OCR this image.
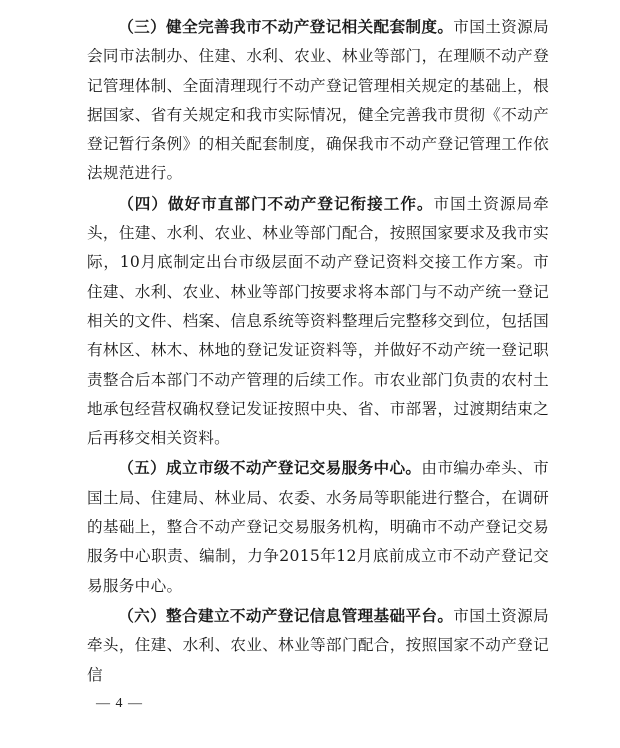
（三）健全完善我市不动产登记相关配套制度。市国土资源局会同市法制办、住建、水利、农业、林业等部门，在理顺不动产登记管理体制、全面清理现行不动产登记管理相关规定的基础上，根据国家、省有关规定和我市实际情况，健全完善我市贯彻《不动产登记暂行条例》的相关配套制度，确保我市不动产登记管理工作依法规范进行。

（四）做好市直部门不动产登记衔接工作。市国土资源局牵头，住建、水利、农业、林业等部门配合，按照国家要求及我市实际，10月底制定出台市级层面不动产登记资料交接工作方案。市住建、水利、农业、林业等部门按要求将本部门与不动产统一登记相关的文件、档案、信息系统等资料整理后完整移交到位，包括国有林区、林木、林地的登记发证资料等，并做好不动产统一登记职责整合后本部门不动产管理的后续工作。市农业部门负责的农村土地承包经营权确权登记发证按照中央、省、市部署，过渡期结束之后再移交相关资料。

（五）成立市级不动产登记交易服务中心。由市编办牵头、市国土局、住建局、林业局、农委、水务局等职能进行整合，在调研的基础上，整合不动产登记交易服务机构，明确市不动产登记交易服务中心职责、编制，力争2015年12月底前成立市不动产登记交易服务中心。

（六）整合建立不动产登记信息管理基础平台。市国土资源局牵头，住建、水利、农业、林业等部门配合，按照国家不动产登记信

— 4 —
